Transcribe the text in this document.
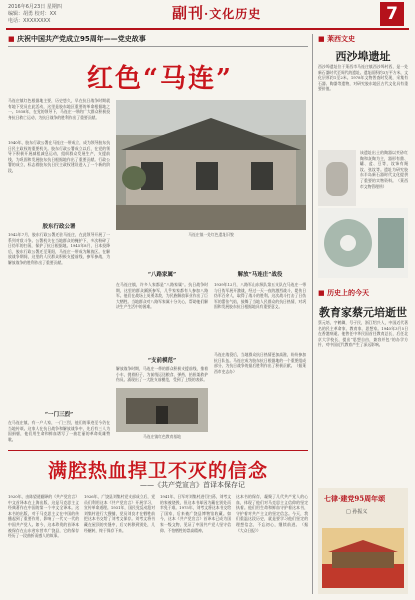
2016年6月23日 星期四
编辑：胡勇 校对：XX
电话：XXXXXXXX	副刊·文化历史	7
■ 庆祝中国共产党成立95周年——党史故事
红色“马连”
马连庄镇红色根据地主要，历史悠久，早在抗日战争时期就有地下党员在此活动，这里是胶东地区重要的革命根据地之一。1938年，在党的领导下，马连庄一带的广大群众积极投身抗日救亡运动，为抗日战争的胜利作出了重要贡献。
1940年，胶东行政公署在马连庄一带成立，成为领导胶东抗日民主政权的重要机关。胶东行政公署成立以后，在党的领导下积极开展减租减息运动，组织群众发展生产，支援前线，为巩固和发展胶东抗日根据地作出了重要贡献。行政公署的成立，标志着胶东抗日民主政权建设进入了一个新的阶段。
胶东行政公署
1942年7月，胶东行政公署迁驻马连庄，在此领导开展了一系列对敌斗争。公署机关在当地群众的掩护下，多次粉碎了日伪军的扫荡，保护了抗日根据地。1945年8月，日本投降后，胶东行政公署迁至莱阳，马连庄一带成为解放区。在解放战争期间，这里的人民群众积极支援前线，参军参战，为解放战争的胜利作出了重要贡献。
“一门三烈”
在马连庄镇，有一户人家，一门三烈，他们的事迹至今仍在当地传颂。这家人在抗日战争和解放战争中，先后有三人为国捐躯，他们用生命和鲜血谱写了一曲壮丽的革命英雄赞歌。
马连庄镇一处红色遗址旧貌
“八路家属”
在马连庄镇，许多人家都是“八路家属”。抗日战争时期，这里的群众踊跃参军，几乎家家都有人参加八路军。他们在战场上英勇杀敌，为民族解放事业作出了巨大牺牲。当地群众对八路军家属十分关心，帮助他们解决生产生活中的困难。
“支前模范”
解放战争时期，马连庄一带的群众积极支援前线，推着小车，挑着担子，为前线运送粮食、弹药，抬担架救护伤员。涌现出了一大批支前模范，受到了上级的表彰。
马连庄镇红色教育基地
解放“马连庄”战役
1939年12月，八路军山东纵队第五支队在马连庄一带与日伪军展开激战，经过一天一夜的激烈战斗，毙伤日伪军百余人，取得了战斗的胜利。这次战斗打击了日伪军的嚣张气焰，鼓舞了当地人民群众的抗日热情，对巩固和发展胶东抗日根据地具有重要意义。
马连庄战役后，当地群众抗日热情更加高涨，纷纷参加抗日队伍。马连庄成为胶东抗日根据地的一个重要组成部分，为抗日战争的最后胜利作出了积极贡献。（据莱西市史志办）
满腔热血捍卫不灭的信念
——《共产党宣言》首译本保存记
1920年，由陈望道翻译的《共产党宣言》中文首译本在上海出版，这是马克思主义经典著作在中国的第一个中文全译本。这本书的出版，对于马克思主义在中国的传播起到了重要作用，影响了一代又一代的中国共产党人。如今，这本珍贵的首译本被保存在山东省东营市广饶县，它的保存经历了一段曲折而感人的故事。
1926年，广饶县刘集村党支部成立后，党员们利用这本《共产党宣言》开展学习，宣传革命道理。1931年，国民党反动派对刘集村进行大搜捕，党员刘良才在牺牲前把这本书交给了刘考文保存。刘考文将书藏在屋顶的夹缝中，后又转移到别处，几经辗转，终于保存下来。
1941年，日军对刘集村进行扫荡，刘考文的家被烧毁，但这本书却因为藏在别处而幸免于难。1975年，刘考文将这本书交给了国家，后来被广饶县博物馆收藏。如今，这本《共产党宣言》首译本已成为国家一级文物，见证了中国共产党人坚守信仰、不怕牺牲的崇高精神。
这本书的保存，凝聚了几代共产党人的心血，体现了他们对马克思主义信仰的坚定执着。他们用生命和鲜血守护着这本书，守护着对共产主义的坚定信念。今天，我们重温这段历史，就是要学习他们坚定的理想信念，不忘初心，继续前进。（据《大众日报》）
■ 莱西文史
西沙埠遗址
西沙埠遗址位于莱西市马连庄镇西沙埠村西，是一处新石器时代至周代的遗址。遗址面积约3万平方米，文化层厚约1至2米。1978年文物普查时发现，采集有石器、陶器等遗物，对研究胶东地区古代文化具有重要价值。
该遗址出土的陶器以夹砂红陶和灰陶为主，器形有鼎、罐、盆、豆等，纹饰有绳纹、弦纹等。遗址为研究胶东半岛新石器时代文化提供了重要的实物资料。（莱西市文物管理所）
■ 历史上的今天
教育家蔡元培逝世
蔡元培，字鹤卿，号孑民，浙江绍兴人，中国近代著名的民主革命家、教育家、思想家。1940年3月5日在香港病逝。他曾任中华民国首任教育总长，后任北京大学校长，提出“思想自由，兼容并包”的办学方针，对中国近代教育产生了深远影响。
七律·建党95周年颂
□ 孙振义
